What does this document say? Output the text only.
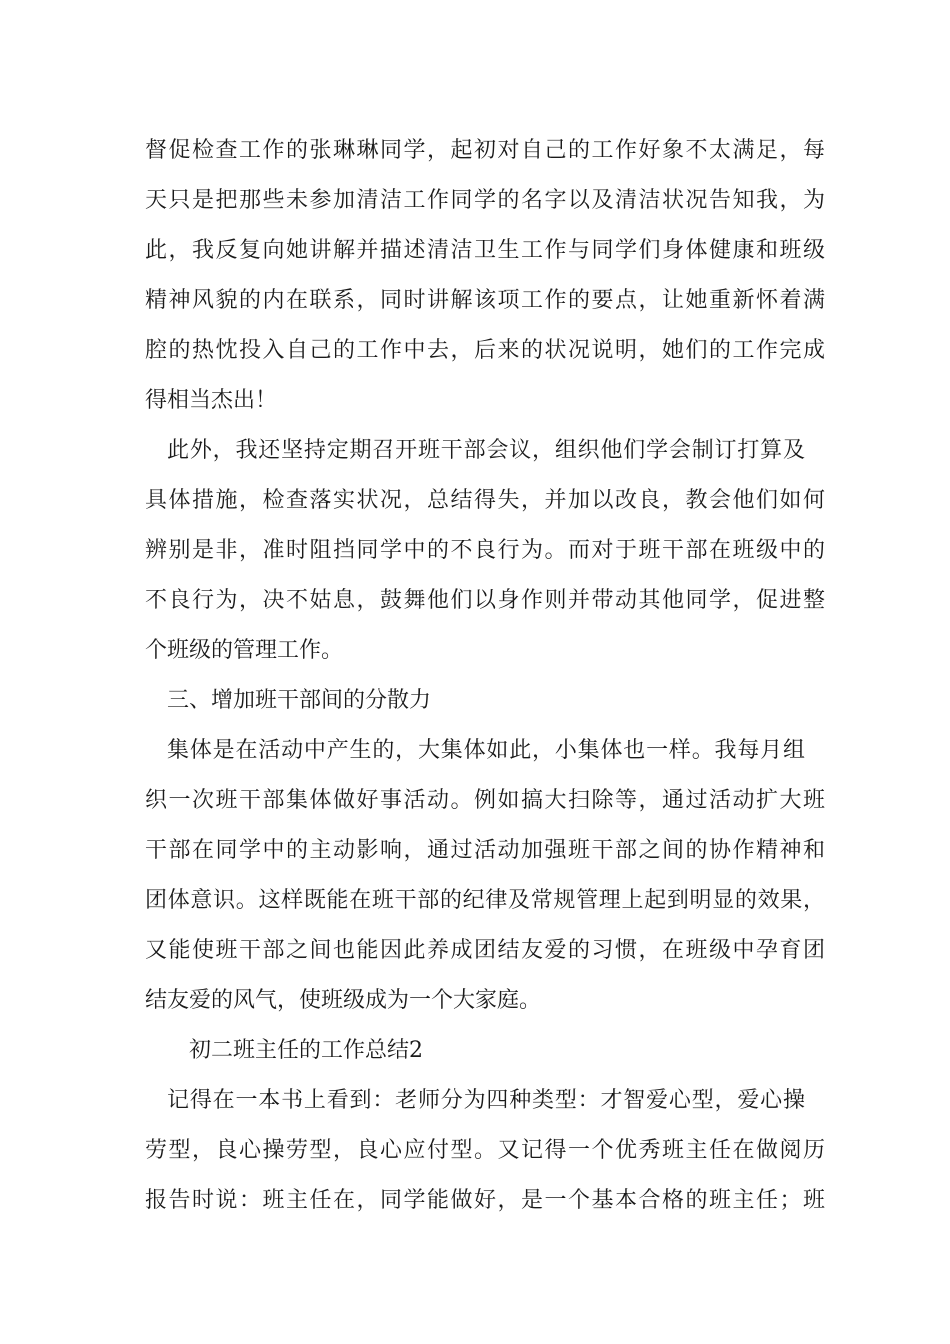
督促检查工作的张琳琳同学，起初对自己的工作好象不太满足，每
天只是把那些未参加清洁工作同学的名字以及清洁状况告知我，为
此，我反复向她讲解并描述清洁卫生工作与同学们身体健康和班级
精神风貌的内在联系，同时讲解该项工作的要点，让她重新怀着满
腔的热忱投入自己的工作中去，后来的状况说明，她们的工作完成
得相当杰出！
此外，我还坚持定期召开班干部会议，组织他们学会制订打算及
具体措施，检查落实状况，总结得失，并加以改良，教会他们如何
辨别是非，准时阻挡同学中的不良行为。而对于班干部在班级中的
不良行为，决不姑息，鼓舞他们以身作则并带动其他同学，促进整
个班级的管理工作。
三、增加班干部间的分散力
集体是在活动中产生的，大集体如此，小集体也一样。我每月组
织一次班干部集体做好事活动。例如搞大扫除等，通过活动扩大班
干部在同学中的主动影响，通过活动加强班干部之间的协作精神和
团体意识。这样既能在班干部的纪律及常规管理上起到明显的效果，
又能使班干部之间也能因此养成团结友爱的习惯，在班级中孕育团
结友爱的风气，使班级成为一个大家庭。
初二班主任的工作总结2
记得在一本书上看到：老师分为四种类型：才智爱心型，爱心操
劳型，良心操劳型，良心应付型。又记得一个优秀班主任在做阅历
报告时说：班主任在，同学能做好，是一个基本合格的班主任；班
